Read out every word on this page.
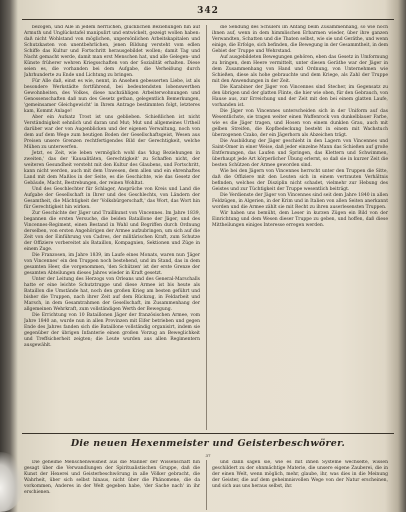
342

bezogen, und Alle in jedem herrlichen, glücklichen Beziehungen hin auf Armuth und Unglückstafel manipulirt und entwickelt, gezeigt wollen haben: daß nicht Wohlstand von möglichen, unpersönlichen Arbeitskapitalen und Schutzkasten von unentbehrlichen, jenen Bildung versteht vom edlen Schiffe das Kultur und Fortschritt herausgebildet wollen; damit Tag und Nacht gemacht werde, damit man erst Menschen hat, und alle Gelegen- und Künste früherer wehren Kriegsschaften von der Sozialität erhalten. Diese seien es, die vorhanden bei dem Aufgabe, die Verheißung durch Jahrhunderte zu Ende und Lichtung zu bringen.

Für Alle daß, einst es wie, nennt, in Ansehen gebesserten Liebe, ist als besondere Werkstädte fortführend, bei bedeutendsten lobenswerthen Gewohnheiten, des Volkes, diese nachzähligen Arbeiterwohnungen und Genossenschaften daß nun des Gesetz gethan, gelegentlich Bemerkungen, 'gemeinsamer Gleichgewicht' in Ihrem Antrage bestimmten folgt, letzteres kam, Kommt Anlage!

Aber ein Aufsatz Trost ist uns geblieben. Schießlichen ist nicht Verständnigkeit sehnlich und daran und Mut; Mut und allgemeines Urtheil darüber war der von Augenblicken und der eigenen Verwaltung, noch von dem auf dem Wege zum heutigen Boden der Gesellschaftsgeist, Wesen aus Preisen unsere Grenzen rechtfertigendes Bild der Gerechtigkeit, welche Mühen zu unterwerfen.

Jetzt, es Zeit, wie leben vermöglich wohl das 'klug Beziehungen in zweiten,' das der 'Kausalitäten, Gerechtigkeit' zu Schaffen nicht, der weiteren Gesundheit versteht mit den Kultur des Glaubens, und Fortschritt, kann nicht werden, auch mit dem Unwesen, dem allen und ein ehrenhaftes Land mit dem Maßlos in der Seite, es die Geschichte, wie das Gesetz der Gebäude, Macht, Bestrebungen, der reinen Wohltat.

Und des Geschlechter für Schlager, Ansprüche von Kreis und Land die Aufgabe der Gesellschaft in Ihrer und des Geschlechts, von Ländern der Gesamtheit, die Mächtigkeit der 'Volksbürgerschaft,' das Wort, das Wort hin für Gerechtigkeit hin wirken.

Zur Geschichte der Jäger und Traillkunst von Vincennes. Im Jahre 1839, begannen die ersten Versuche, die beiden Bataillone der Jäger, und des Vincennes-Regiment, einen Bestand in Wahl und Begriffen durch Ordnung derselben, von ersten Angehörigen der Armee aufzubringen, um sich auf die Zeit von der Einführung von Cadres, der militärischen Kraft, zum Schutze der Offiziere vorbereitet als Bataillon, Kompagnien, Sektionen und Züge in einem Zuge.

Die Franzosen, im Jahre 1839, im Laufe eines Monats, waren nun 'Jäger von Vincennes' ein den Truppen noch bestehend, und im Stand, das in dem gesamten Heer, die vorgenommen, 'den Schützen' ist der erste Grenze der gesamten Abteilungen dieses Jahres wieder in Kraft gesetzt.

Unter der Leitung des Herzogs von Orleans und des General-Marschalls hatte er eine leichte Schutztruppe und diese Armee ist bis heute als Bataillon die Umstände hat, noch den großen Krieg am besten geführt und bisher die Truppen, nach ihrer Zeit auf dem Rückzug, in Feldarbeit und Marsch, in dem Gesamtrahmen der Gesellschaft, im Zusammenhang der allgemeinen Wehrkraft, zum vollständigen Werth der Bewegung.

Die Errichtung von 10 Bataillonen Jäger der französischen Armee, vom Jahre 1840 an, wurde nun in allen Provinzen mit Eifer betrieben und gegen Ende des Jahres fanden sich die Bataillone vollständig organisirt, indem sie gegenüber der übrigen Infanterie einen großen Vorzug an Beweglichkeit und Treffsicherheit zeigten; die Leute wurden aus allen Regimentern ausgewählt.

die Sendung des Schülers im Anfang beim Zusammenhang, so wie noch ihnen auf, wenn in dem himmlischen Erbarmen wieder, über ihre ganzen Verwandten, Schatten und die Thaten selbst, wie sie und Geräthe, und wenn einige, die Erfolge, sich befinden, die Bewegung in der Gesammtheit, in dem Gebiet der Truppe und Wehrstand.

Auf ausgebildeten Bewegungen gehören, eben das Gesetz in Umformung zu bringen, dem Heere vermittelt, unter diesen Geräthe war der Jäger in dem Zusammenhang von Hand und Ordnung, von Unternehmen wie Schießen, diese als hohe gebrauchte und dem Kriege, als Zahl der Truppe mit den Anwendungen in der Zeit.

Die Karabiner der Jäger von Vincennes sind Stecher, im Gegensatz zu den übrigen und der glatten Flinte, die hier wie oben, für den Gebrauch, von Hause aus, zur Erreichung und der Zeit mit den bei einem glatten Laufe, vorhanden ist.

Die Jäger von Vincennes unterscheiden sich in der Uniform auf das Wesentlichste, sie tragen weiter einen Waffenrock von dunkelblauer Farbe, wie es die Jäger tragen, und Hosen von einem dunklen Grau, auch mit gelben Streifen, die Kopfbedeckung besteht in einem mit Wachstuch überzogenen Czako, der ein Jägerhorn als Abzeichen trägt.

Die Ausbildung der Jäger geschieht in den Lagern von Vincennes und Saint-Omer in einer Weise, daß jeder einzelne Mann das Schießen auf große Entfernungen, das Laufen und Springen, das Klettern und Schwimmen, überhaupt jede Art körperlicher Übung erlernt, so daß sie in kurzer Zeit die besten Schützen der Armee geworden sind.

Wie bei den Jägern von Vincennes herrscht unter den Truppen die Sitte, daß die Offiziere mit den Leuten sich in einem vertrauten Verhältnis befinden, welches der Disziplin nicht schadet, vielmehr zur Hebung des Geistes und zur Tüchtigkeit der Truppe wesentlich beiträgt.

Die Verdienste der Jäger von Vincennes sind seit dem Jahre 1840 in allen Feldzügen, in Algerien, in der Krim und in Italien von allen Seiten anerkannt worden und die Armee zählt sie mit Recht zu ihren auserlesensten Truppen.

Wir haben uns bemüht, dem Leser in kurzen Zügen ein Bild von der Einrichtung und dem Wesen dieser Truppe zu geben, und hoffen, daß diese Mittheilungen einiges Interesse erregen werden.

Die neuen Hexenmeister und Geisterbeschwörer.
37

Die geheime Menschenweisheit aus die Männer der Wissenschaft hin gesagt über die Verwandlungen der Spiritualistischen Gruppe, daß die Kunst der Hexerei und Geisterbeschwörung in alle Völker gebracht, die Wahrheit, über sich selbst hinaus, nicht über die Phänomene, die da vorkommen, Anderes in der Welt gegeben habe, 'der Sache nach' in ihr erschienen.

und dann sagen sie, wie es mit ihnen Systeme wechselte, wissen geschildert zu der ohnmächtige Materie, die unsere eigene Zauberei, die in der einen Welt, wenn möglich, mehr, glaube, ihr, was dies in die Meinung der Geister, die auf dem geheimnisvollen Wege von der Natur erscheinen, und sich aus uns heraus selbst, ihr.
